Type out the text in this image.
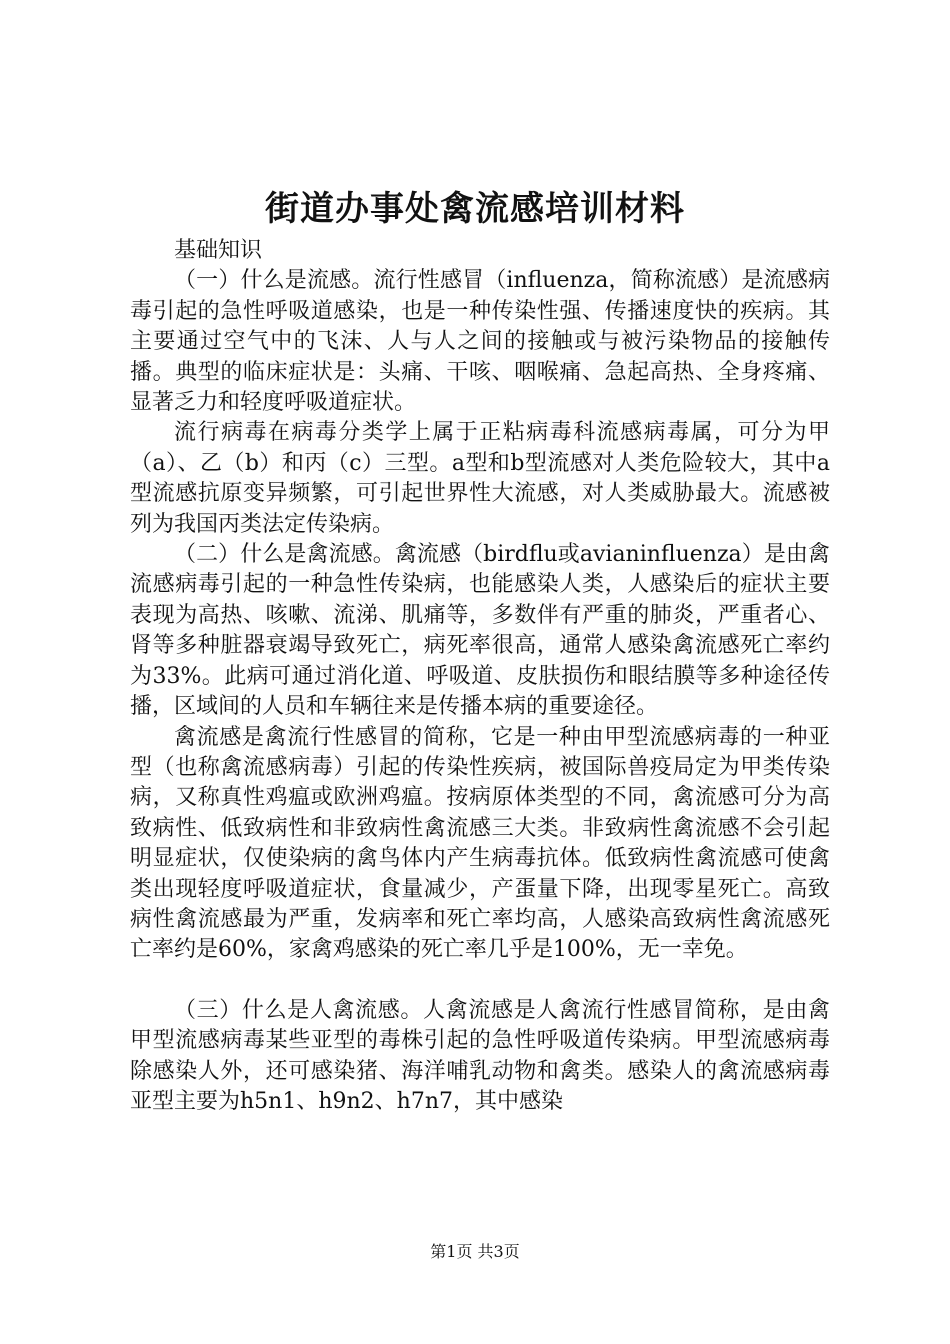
街道办事处禽流感培训材料

基础知识

（一）什么是流感。流行性感冒（influenza，简称流感）是流感病毒引起的急性呼吸道感染，也是一种传染性强、传播速度快的疾病。其主要通过空气中的飞沫、人与人之间的接触或与被污染物品的接触传播。典型的临床症状是：头痛、干咳、咽喉痛、急起高热、全身疼痛、显著乏力和轻度呼吸道症状。

流行病毒在病毒分类学上属于正粘病毒科流感病毒属，可分为甲（a）、乙（b）和丙（c）三型。a型和b型流感对人类危险较大，其中a型流感抗原变异频繁，可引起世界性大流感，对人类威胁最大。流感被列为我国丙类法定传染病。

（二）什么是禽流感。禽流感（birdflu或avianinfluenza）是由禽流感病毒引起的一种急性传染病，也能感染人类，人感染后的症状主要表现为高热、咳嗽、流涕、肌痛等，多数伴有严重的肺炎，严重者心、肾等多种脏器衰竭导致死亡，病死率很高，通常人感染禽流感死亡率约为33%。此病可通过消化道、呼吸道、皮肤损伤和眼结膜等多种途径传播，区域间的人员和车辆往来是传播本病的重要途径。

禽流感是禽流行性感冒的简称，它是一种由甲型流感病毒的一种亚型（也称禽流感病毒）引起的传染性疾病，被国际兽疫局定为甲类传染病，又称真性鸡瘟或欧洲鸡瘟。按病原体类型的不同，禽流感可分为高致病性、低致病性和非致病性禽流感三大类。非致病性禽流感不会引起明显症状，仅使染病的禽鸟体内产生病毒抗体。低致病性禽流感可使禽类出现轻度呼吸道症状，食量减少，产蛋量下降，出现零星死亡。高致病性禽流感最为严重，发病率和死亡率均高，人感染高致病性禽流感死亡率约是60%，家禽鸡感染的死亡率几乎是100%，无一幸免。

（三）什么是人禽流感。人禽流感是人禽流行性感冒简称，是由禽甲型流感病毒某些亚型的毒株引起的急性呼吸道传染病。甲型流感病毒除感染人外，还可感染猪、海洋哺乳动物和禽类。感染人的禽流感病毒亚型主要为h5n1、h9n2、h7n7，其中感染

第1页 共3页
